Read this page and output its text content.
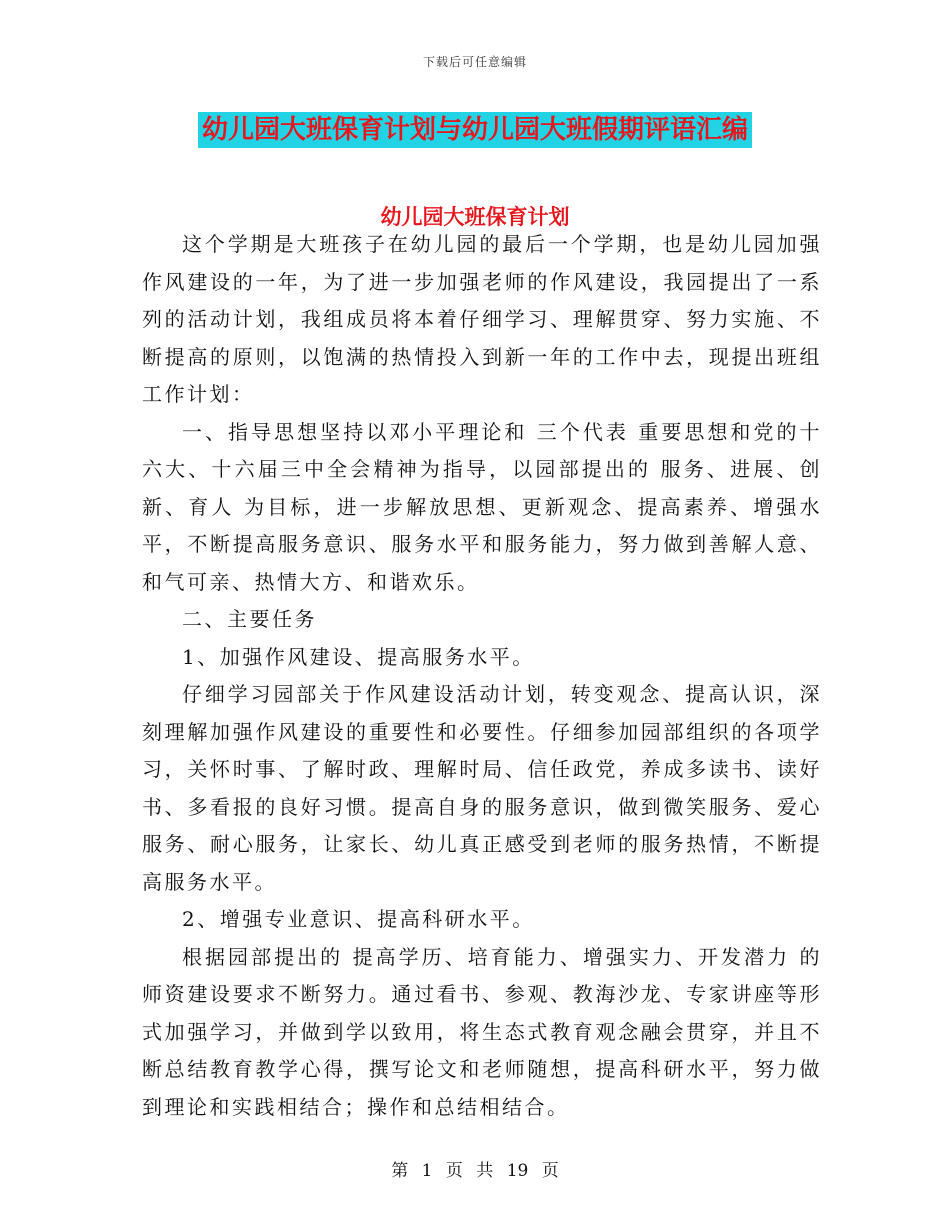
下载后可任意编辑
幼儿园大班保育计划与幼儿园大班假期评语汇编
幼儿园大班保育计划

这个学期是大班孩子在幼儿园的最后一个学期，也是幼儿园加强作风建设的一年，为了进一步加强老师的作风建设，我园提出了一系列的活动计划，我组成员将本着仔细学习、理解贯穿、努力实施、不断提高的原则，以饱满的热情投入到新一年的工作中去，现提出班组工作计划：

一、指导思想坚持以邓小平理论和 三个代表 重要思想和党的十六大、十六届三中全会精神为指导，以园部提出的 服务、进展、创新、育人 为目标，进一步解放思想、更新观念、提高素养、增强水平，不断提高服务意识、服务水平和服务能力，努力做到善解人意、和气可亲、热情大方、和谐欢乐。

二、主要任务

1、加强作风建设、提高服务水平。

仔细学习园部关于作风建设活动计划，转变观念、提高认识，深刻理解加强作风建设的重要性和必要性。仔细参加园部组织的各项学习，关怀时事、了解时政、理解时局、信任政党，养成多读书、读好书、多看报的良好习惯。提高自身的服务意识，做到微笑服务、爱心服务、耐心服务，让家长、幼儿真正感受到老师的服务热情，不断提高服务水平。

2、增强专业意识、提高科研水平。

根据园部提出的 提高学历、培育能力、增强实力、开发潜力 的师资建设要求不断努力。通过看书、参观、教海沙龙、专家讲座等形式加强学习，并做到学以致用，将生态式教育观念融会贯穿，并且不断总结教育教学心得，撰写论文和老师随想，提高科研水平，努力做到理论和实践相结合；操作和总结相结合。

第 1 页 共 19 页
